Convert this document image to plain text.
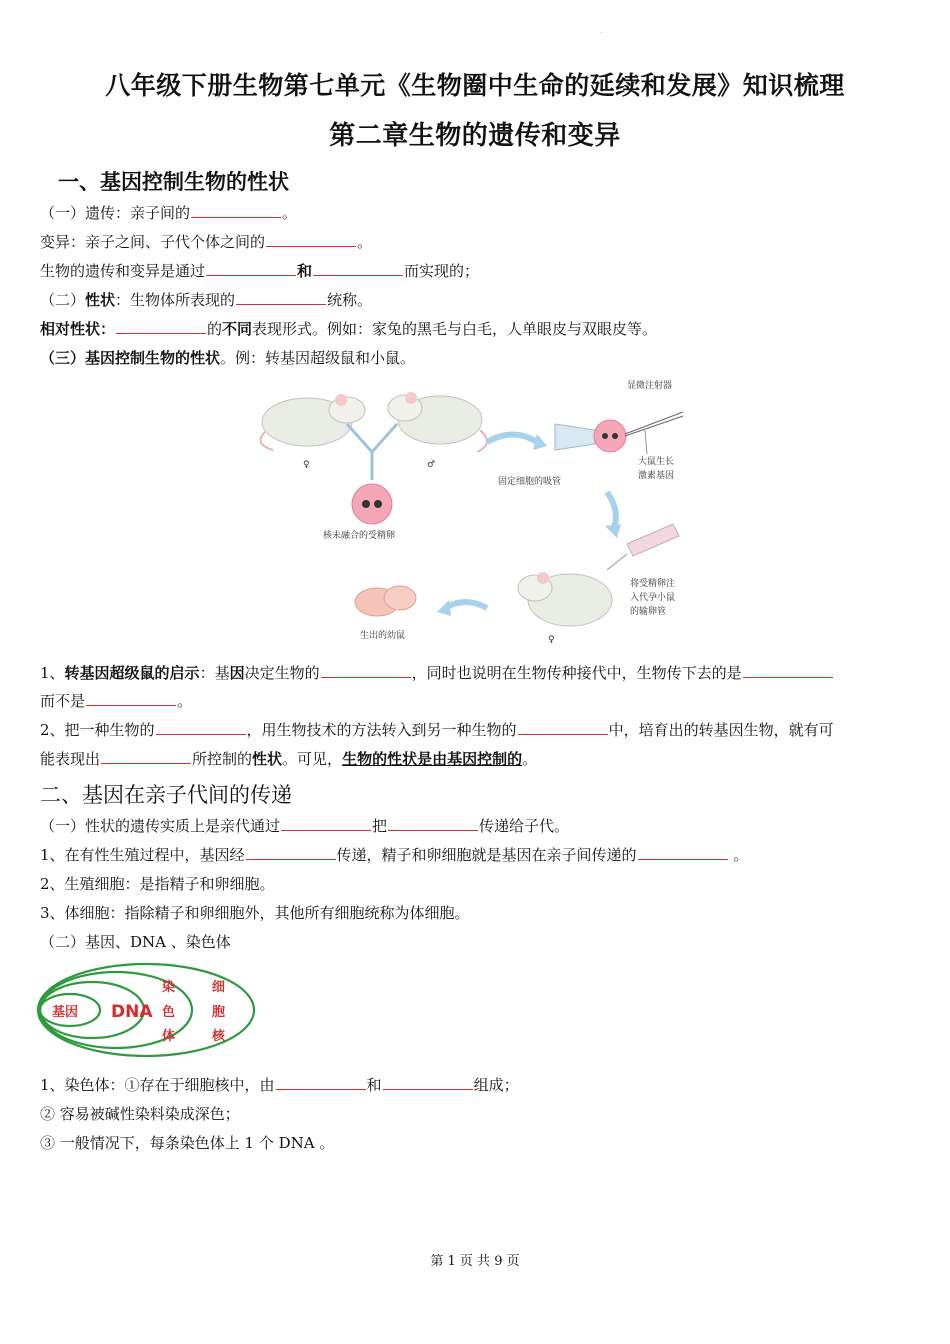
·
八年级下册生物第七单元《生物圈中生命的延续和发展》知识梳理
第二章生物的遗传和变异
一、基因控制生物的性状
（一）遗传：亲子间的	。
变异：亲子之间、子代个体之间的	。
生物的遗传和变异是通过	和	而实现的；
（二）性状：生物体所表现的	统称。
相对性状：	的不同表现形式。例如：家兔的黑毛与白毛，人单眼皮与双眼皮等。
（三）基因控制生物的性状。例：转基因超级鼠和小鼠。
♀	♂
核未融合的受精卵
显微注射器
大鼠生长
激素基因
固定细胞的吸管
将受精卵注
入代孕小鼠
的输卵管
♀
生出的幼鼠
1、转基因超级鼠的启示：基因决定生物的	，同时也说明在生物传种接代中，生物传下去的是
而不是	。
2、把一种生物的	，用生物技术的方法转入到另一种生物的	中，培育出的转基因生物，就有可
能表现出	所控制的性状。可见，生物的性状是由基因控制的。
二、基因在亲子代间的传递
（一）性状的遗传实质上是亲代通过	把	传递给子代。
1、在有性生殖过程中，基因经	传递，精子和卵细胞就是基因在亲子间传递的	。
2、生殖细胞：是指精子和卵细胞。
3、体细胞：指除精子和卵细胞外，其他所有细胞统称为体细胞。
（二）基因、DNA 、染色体
基因 DNA
染
色
体
细
胞
核
1、染色体：①存在于细胞核中，由	和	组成；
② 容易被碱性染料染成深色；
③ 一般情况下，每条染色体上 1 个 DNA 。
第 1 页 共 9 页
